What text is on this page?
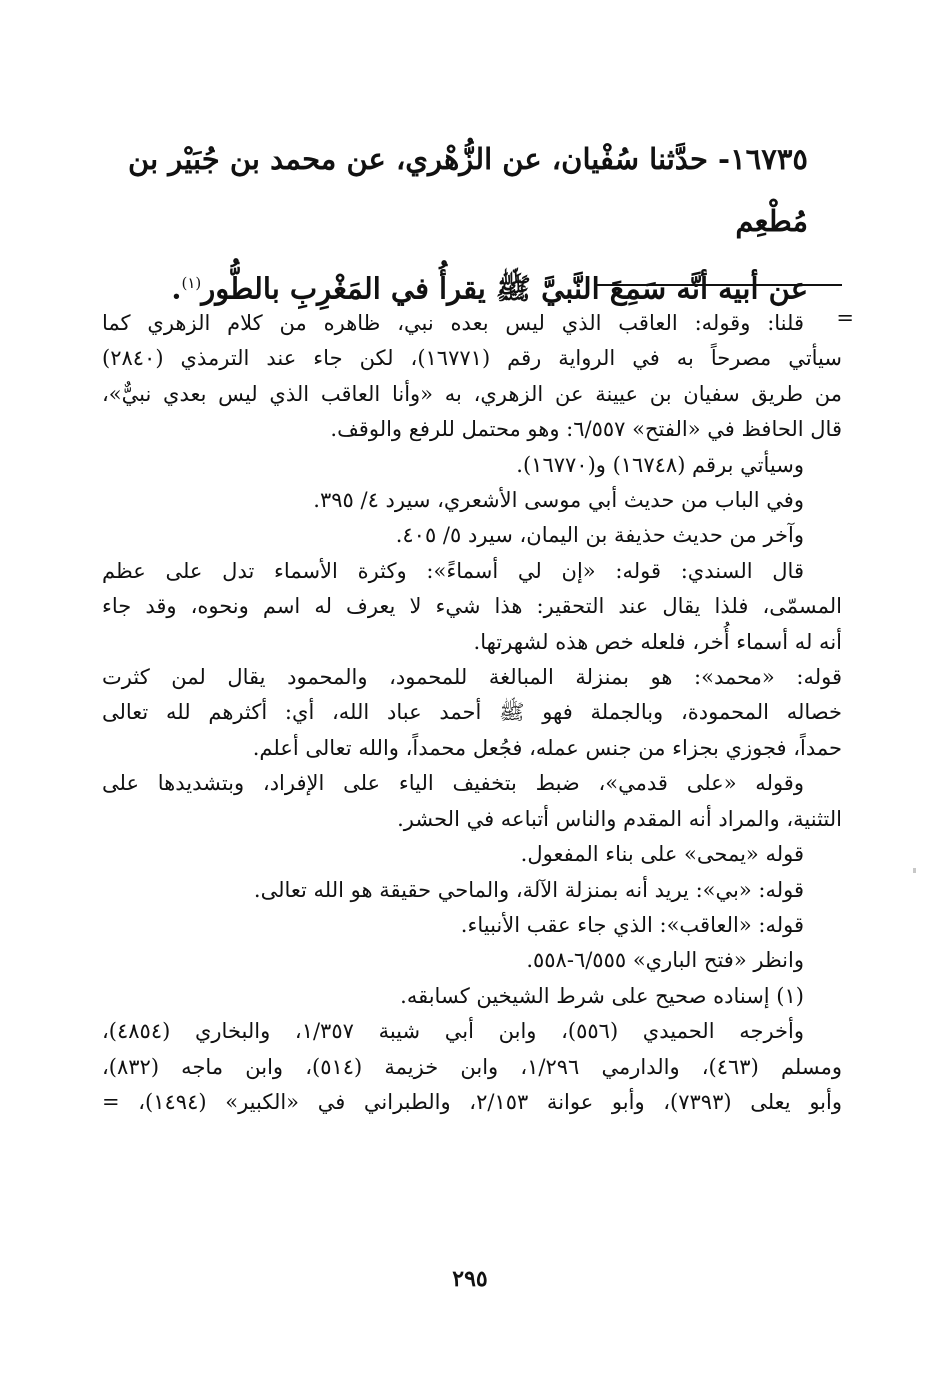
١٦٧٣٥- حدَّثنا سُفْيان، عن الزُّهْري، عن محمد بن جُبَيْر بن مُطْعِم

عن أبيه أنَّه سَمِعَ النَّبيَّ ﷺ يقرأُ في المَغْرِبِ بالطُّور$^{(١)}$.

=
قلنا: وقوله: العاقب الذي ليس بعده نبي، ظاهره من كلام الزهري كما
سيأتي مصرحاً به في الرواية رقم (١٦٧٧١)، لكن جاء عند الترمذي (٢٨٤٠)
من طريق سفيان بن عيينة عن الزهري، به «وأنا العاقب الذي ليس بعدي نبيٌّ»،
قال الحافظ في «الفتح» ٦/٥٥٧: وهو محتمل للرفع والوقف.
وسيأتي برقم (١٦٧٤٨) و(١٦٧٧٠).
وفي الباب من حديث أبي موسى الأشعري، سيرد ٤/ ٣٩٥.
وآخر من حديث حذيفة بن اليمان، سيرد ٥/ ٤٠٥.
قال السندي: قوله: «إن لي أسماءً»: وكثرة الأسماء تدل على عظم
المسمّى، فلذا يقال عند التحقير: هذا شيء لا يعرف له اسم ونحوه، وقد جاء
أنه له أسماء أُخر، فلعله خص هذه لشهرتها.
قوله: «محمد»: هو بمنزلة المبالغة للمحمود، والمحمود يقال لمن كثرت
خصاله المحمودة، وبالجملة فهو ﷺ أحمد عباد الله، أي: أكثرهم لله تعالى
حمداً، فجوزي بجزاء من جنس عمله، فجُعل محمداً، والله تعالى أعلم.
وقوله «على قدمي»، ضبط بتخفيف الياء على الإفراد، وبتشديدها على
التثنية، والمراد أنه المقدم والناس أتباعه في الحشر.
قوله «يمحى» على بناء المفعول.
قوله: «بي»: يريد أنه بمنزلة الآلة، والماحي حقيقة هو الله تعالى.
قوله: «العاقب»: الذي جاء عقب الأنبياء.
وانظر «فتح الباري» ٦/٥٥٥-٥٥٨.
(١) إسناده صحيح على شرط الشيخين كسابقه.
وأخرجه الحميدي (٥٥٦)، وابن أبي شيبة ١/٣٥٧، والبخاري (٤٨٥٤)،
ومسلم (٤٦٣)، والدارمي ١/٢٩٦، وابن خزيمة (٥١٤)، وابن ماجه (٨٣٢)،
وأبو يعلى (٧٣٩٣)، وأبو عوانة ٢/١٥٣، والطبراني في «الكبير» (١٤٩٤)، =
٢٩٥
